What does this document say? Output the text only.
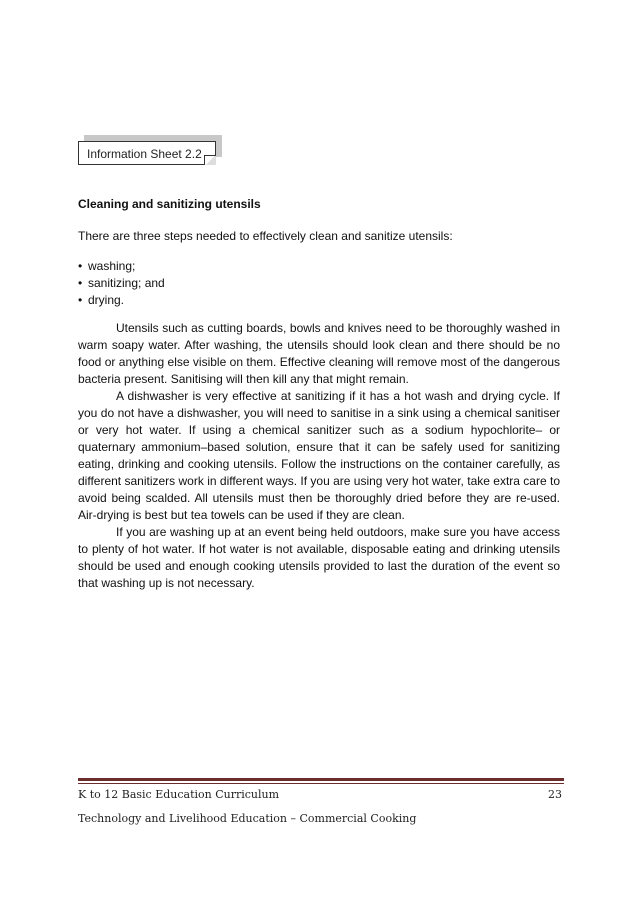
Information Sheet 2.2
Cleaning and sanitizing utensils
There are three steps needed to effectively clean and sanitize utensils:
• washing;
• sanitizing; and
• drying.

Utensils such as cutting boards, bowls and knives need to be thoroughly washed in warm soapy water. After washing, the utensils should look clean and there should be no food or anything else visible on them. Effective cleaning will remove most of the dangerous bacteria present. Sanitising will then kill any that might remain.

A dishwasher is very effective at sanitizing if it has a hot wash and drying cycle. If you do not have a dishwasher, you will need to sanitise in a sink using a chemical sanitiser or very hot water. If using a chemical sanitizer such as a sodium hypochlorite– or quaternary ammonium–based solution, ensure that it can be safely used for sanitizing eating, drinking and cooking utensils. Follow the instructions on the container carefully, as different sanitizers work in different ways. If you are using very hot water, take extra care to avoid being scalded. All utensils must then be thoroughly dried before they are re-used. Air-drying is best but tea towels can be used if they are clean.

If you are washing up at an event being held outdoors, make sure you have access to plenty of hot water. If hot water is not available, disposable eating and drinking utensils should be used and enough cooking utensils provided to last the duration of the event so that washing up is not necessary.

K to 12 Basic Education Curriculum	23
Technology and Livelihood Education – Commercial Cooking
